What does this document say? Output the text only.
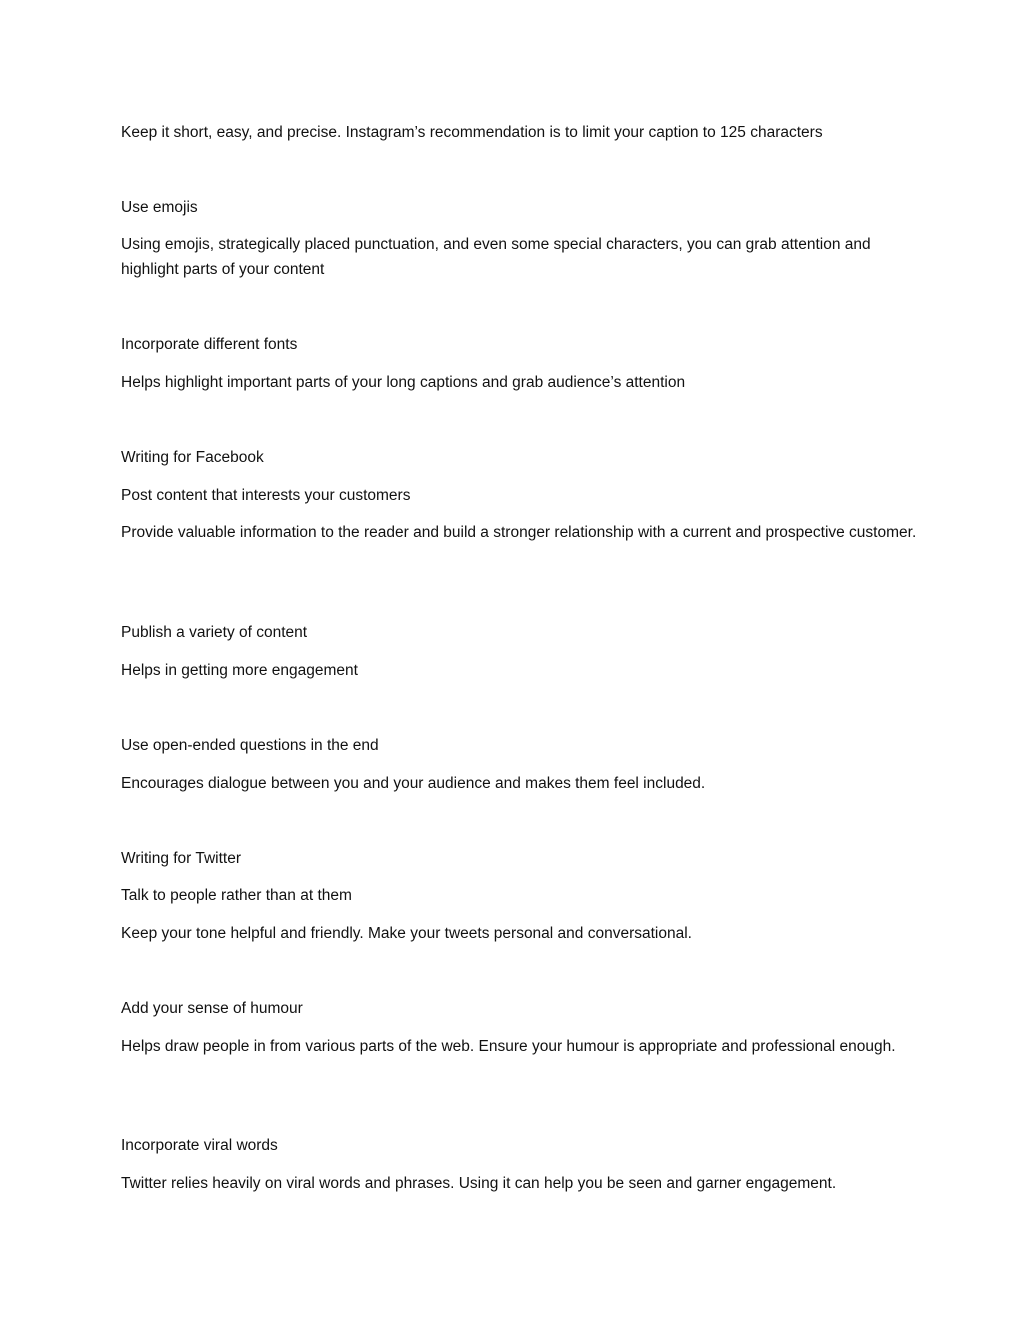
Keep it short, easy, and precise. Instagram’s recommendation is to limit your caption to 125 characters

Use emojis

Using emojis, strategically placed punctuation, and even some special characters, you can grab attention and highlight parts of your content

Incorporate different fonts

Helps highlight important parts of your long captions and grab audience’s attention

Writing for Facebook

Post content that interests your customers

Provide valuable information to the reader and build a stronger relationship with a current and prospective customer.

Publish a variety of content

Helps in getting more engagement

Use open-ended questions in the end

Encourages dialogue between you and your audience and makes them feel included.

Writing for Twitter

Talk to people rather than at them

Keep your tone helpful and friendly. Make your tweets personal and conversational.

Add your sense of humour

Helps draw people in from various parts of the web. Ensure your humour is appropriate and professional enough.

Incorporate viral words

Twitter relies heavily on viral words and phrases. Using it can help you be seen and garner engagement.
